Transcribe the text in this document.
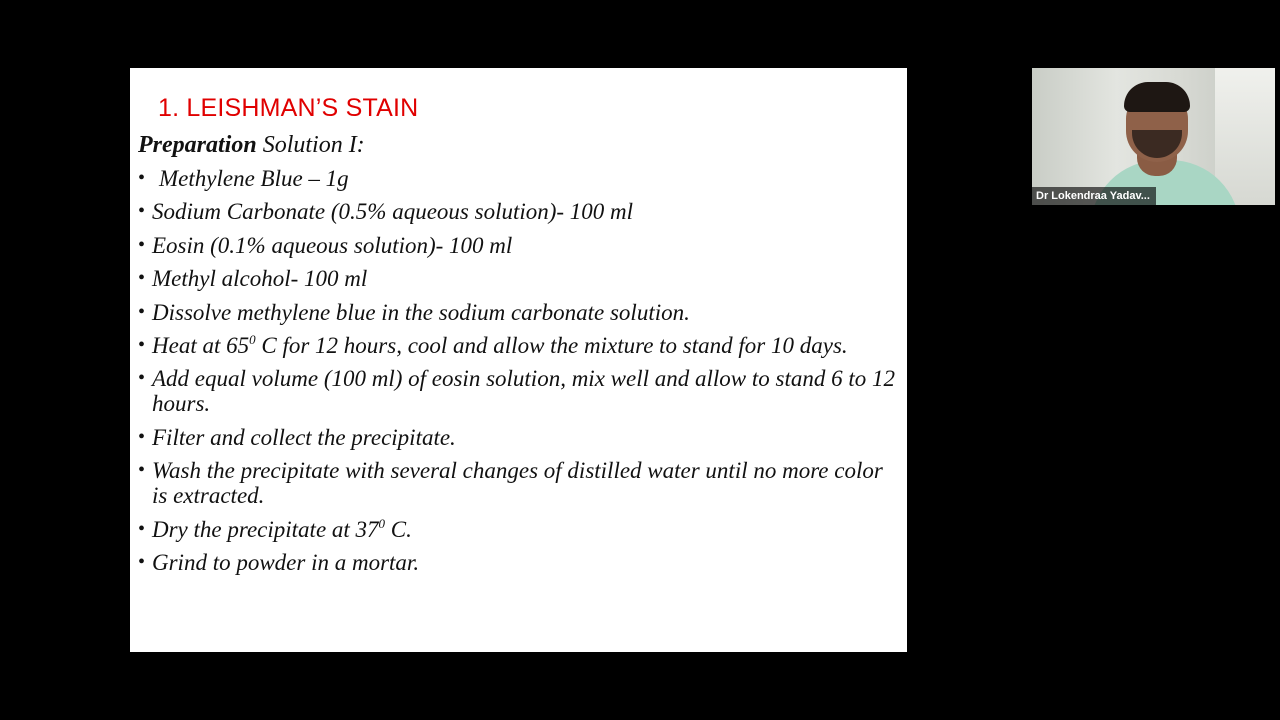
1. LEISHMAN’S STAIN
Preparation Solution I:
• Methylene Blue – 1g
• Sodium Carbonate (0.5% aqueous solution)- 100 ml
• Eosin (0.1% aqueous solution)- 100 ml
• Methyl alcohol- 100 ml
• Dissolve methylene blue in the sodium carbonate solution.
• Heat at $65^0$ C for 12 hours, cool and allow the mixture to stand for 10 days.
• Add equal volume (100 ml) of eosin solution, mix well and allow to stand 6 to 12 hours.
• Filter and collect the precipitate.
• Wash the precipitate with several changes of distilled water until no more color is extracted.
• Dry the precipitate at $37^0$ C.
• Grind to powder in a mortar.
Dr Lokendraa Yadav...
